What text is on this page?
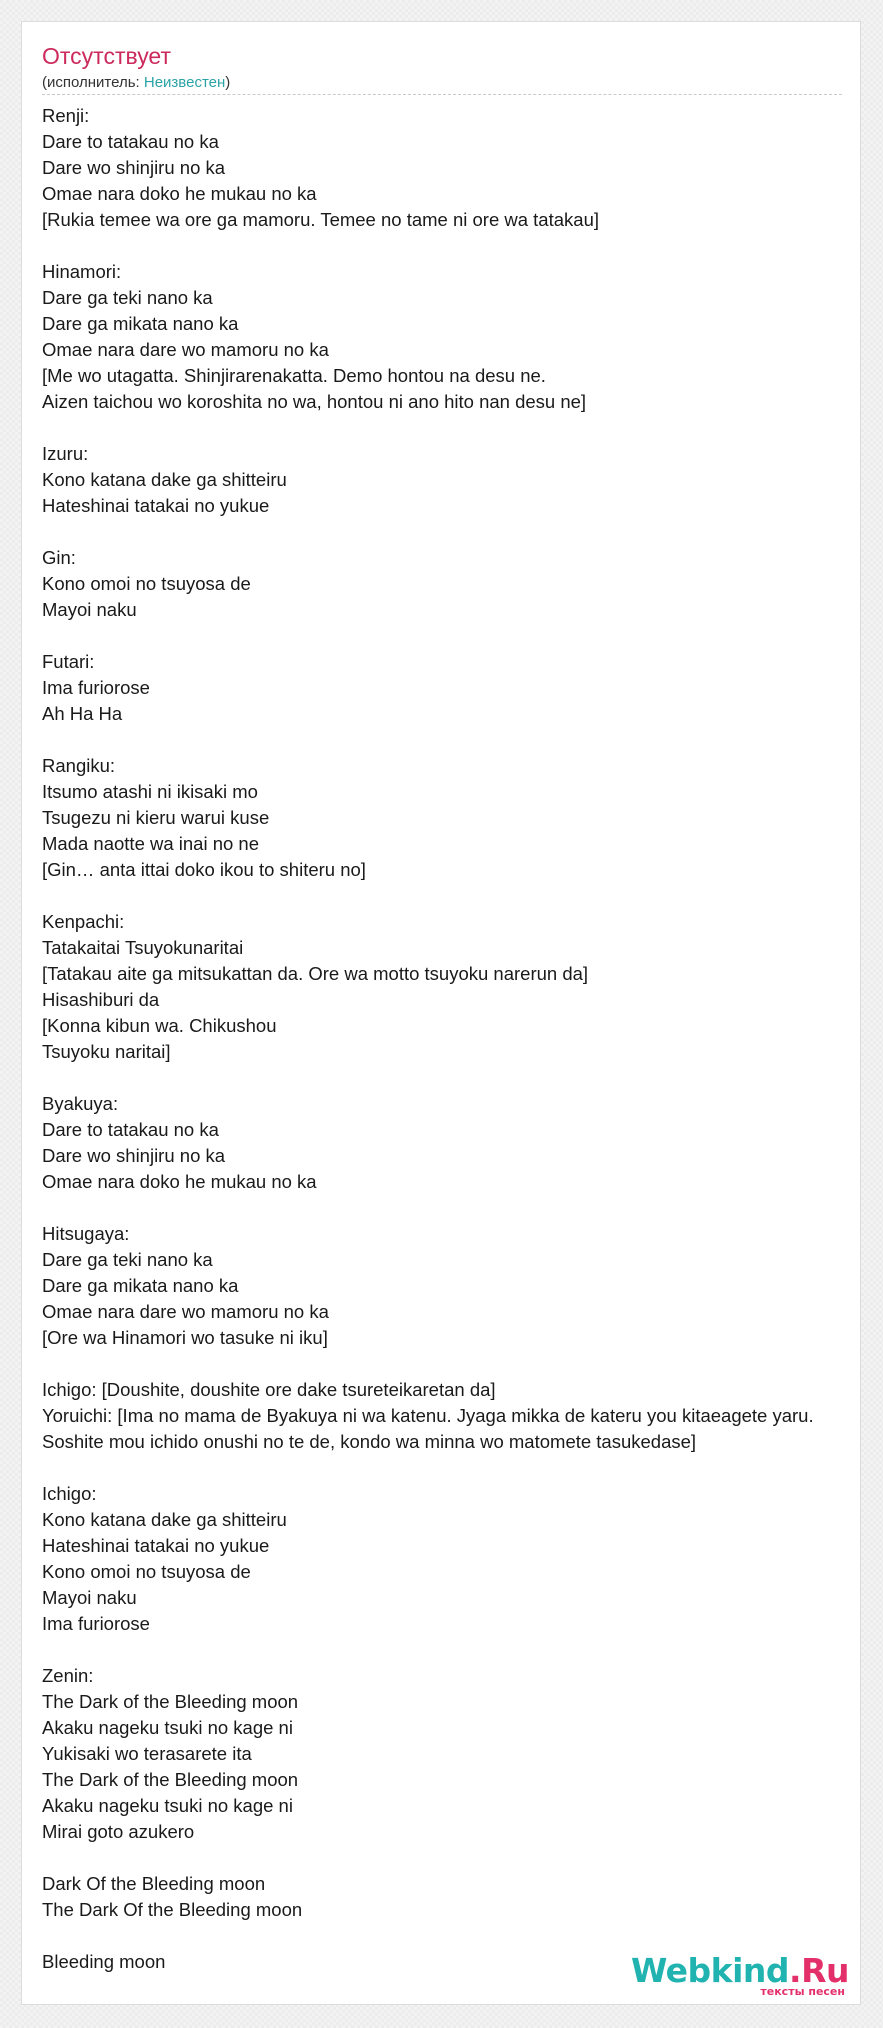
Отсутствует
(исполнитель: Неизвестен)
Renji:
Dare to tatakau no ka
Dare wo shinjiru no ka
Omae nara doko he mukau no ka
[Rukia temee wa ore ga mamoru. Temee no tame ni ore wa tatakau]
Hinamori:
Dare ga teki nano ka
Dare ga mikata nano ka
Omae nara dare wo mamoru no ka
[Me wo utagatta. Shinjirarenakatta. Demo hontou na desu ne.
Aizen taichou wo koroshita no wa, hontou ni ano hito nan desu ne]
Izuru:
Kono katana dake ga shitteiru
Hateshinai tatakai no yukue
Gin:
Kono omoi no tsuyosa de
Mayoi naku
Futari:
Ima furiorose
Ah Ha Ha
Rangiku:
Itsumo atashi ni ikisaki mo
Tsugezu ni kieru warui kuse
Mada naotte wa inai no ne
[Gin… anta ittai doko ikou to shiteru no]
Kenpachi:
Tatakaitai Tsuyokunaritai
[Tatakau aite ga mitsukattan da. Ore wa motto tsuyoku narerun da]
Hisashiburi da
[Konna kibun wa. Chikushou
Tsuyoku naritai]
Byakuya:
Dare to tatakau no ka
Dare wo shinjiru no ka
Omae nara doko he mukau no ka
Hitsugaya:
Dare ga teki nano ka
Dare ga mikata nano ka
Omae nara dare wo mamoru no ka
[Ore wa Hinamori wo tasuke ni iku]
Ichigo: [Doushite, doushite ore dake tsureteikaretan da]
Yoruichi: [Ima no mama de Byakuya ni wa katenu. Jyaga mikka de kateru you kitaeagete yaru.
Soshite mou ichido onushi no te de, kondo wa minna wo matomete tasukedase]
Ichigo:
Kono katana dake ga shitteiru
Hateshinai tatakai no yukue
Kono omoi no tsuyosa de
Mayoi naku
Ima furiorose
Zenin:
The Dark of the Bleeding moon
Akaku nageku tsuki no kage ni
Yukisaki wo terasarete ita
The Dark of the Bleeding moon
Akaku nageku tsuki no kage ni
Mirai goto azukero
Dark Of the Bleeding moon
The Dark Of the Bleeding moon
Bleeding moon	Webkind.Ru
тексты песен
